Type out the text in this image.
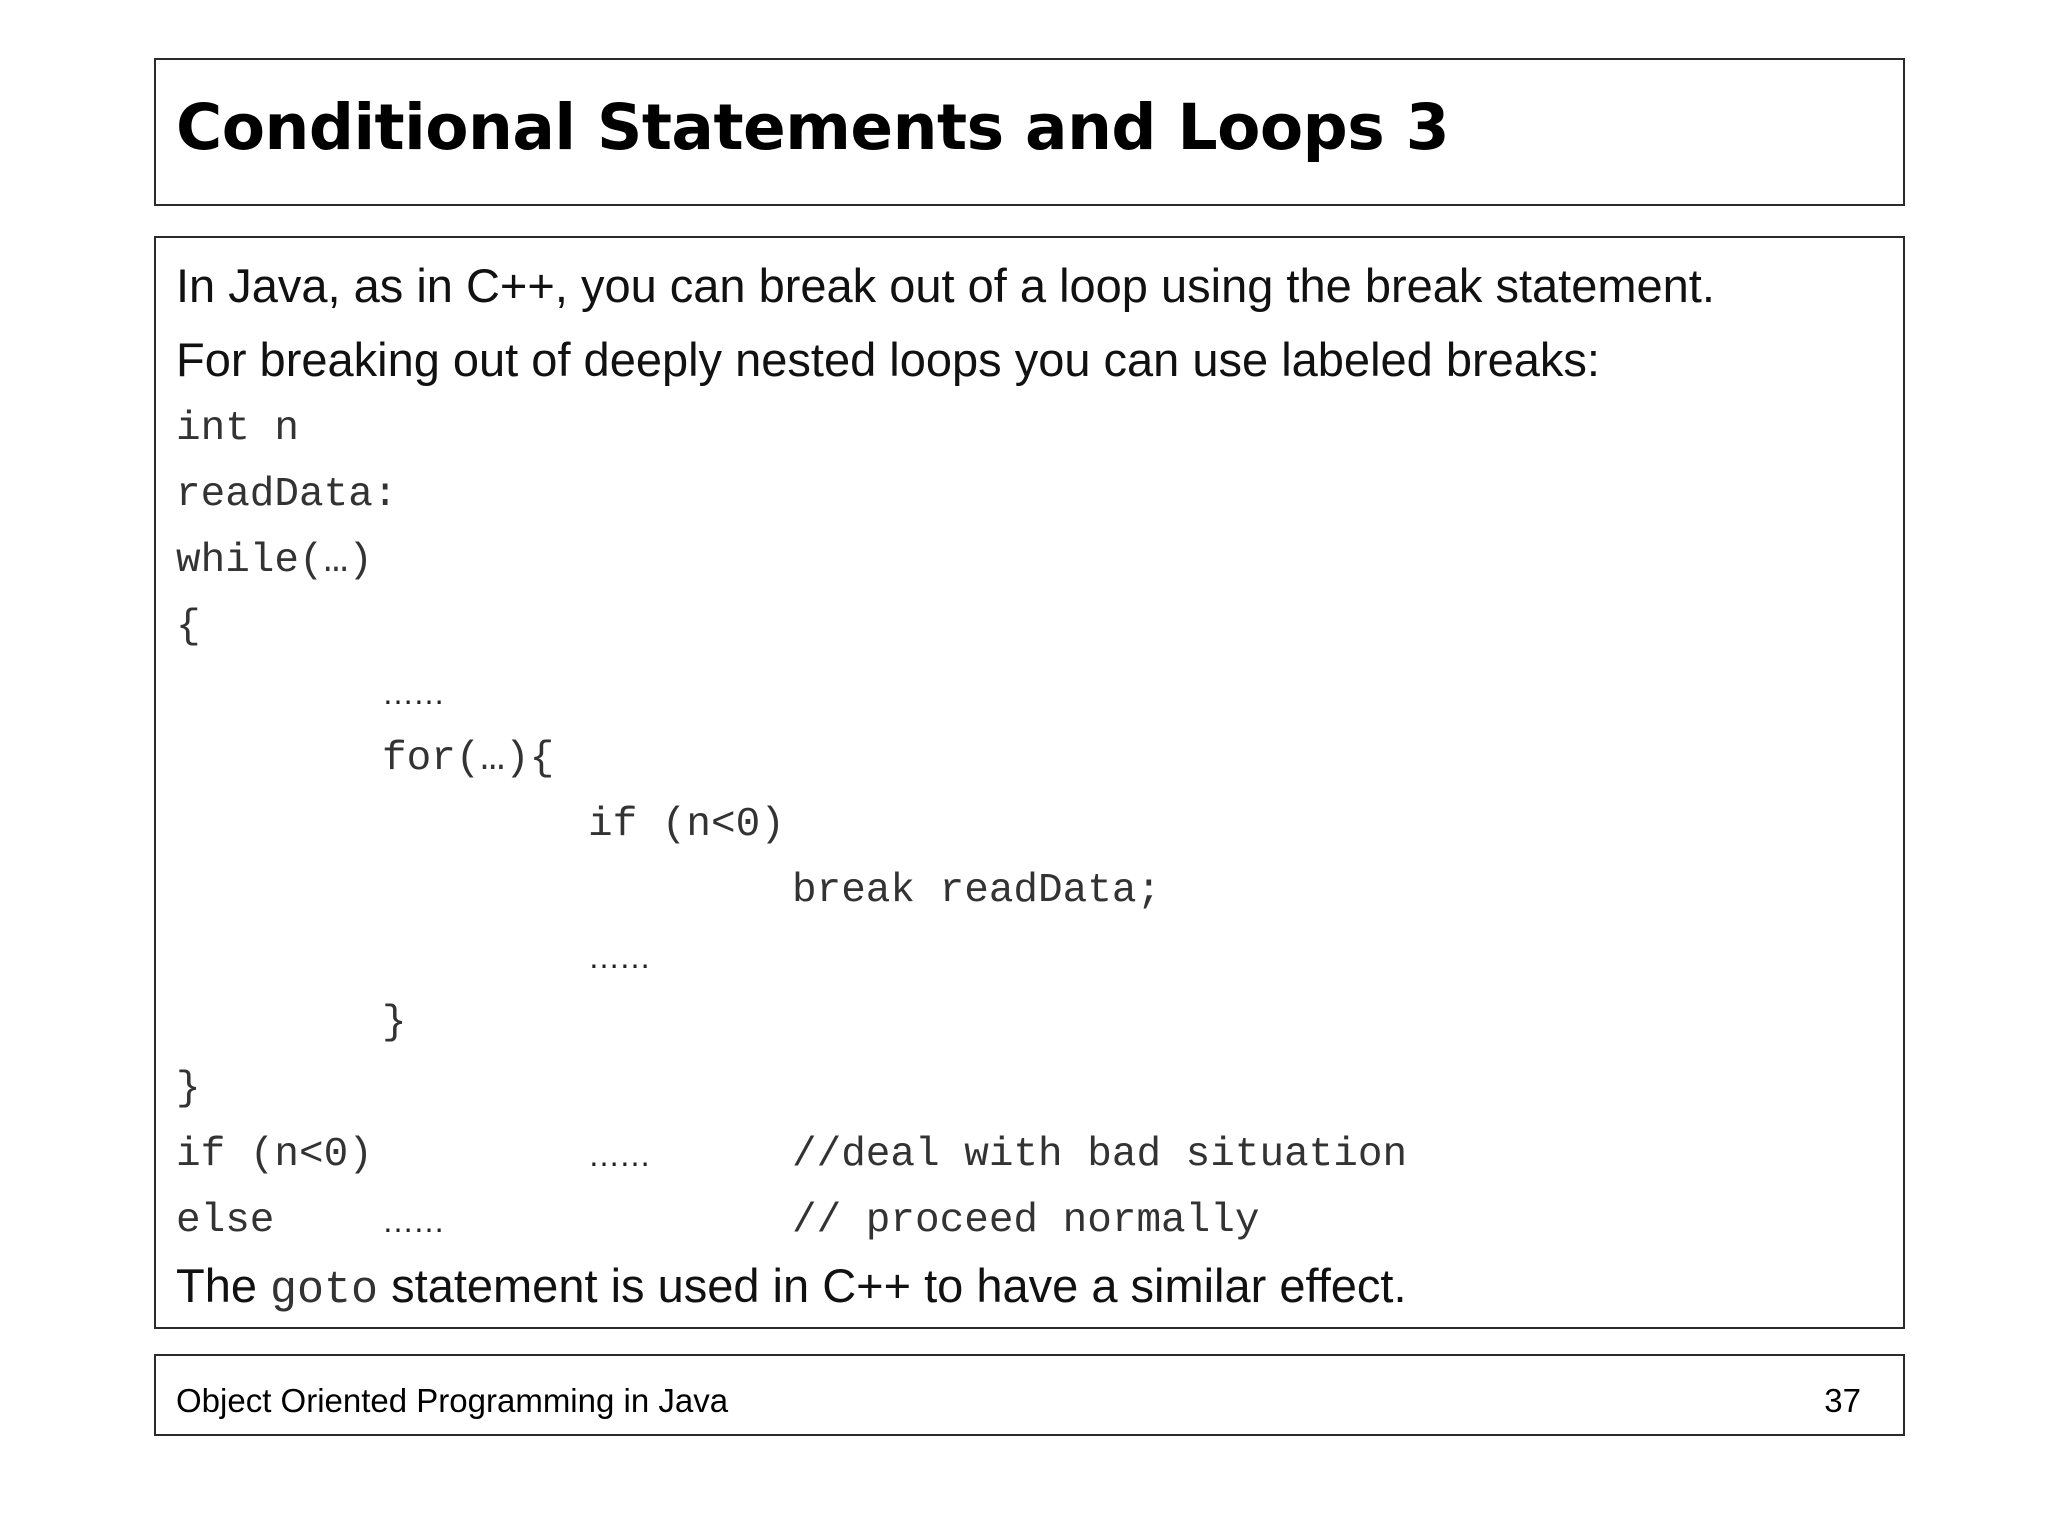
Conditional Statements and Loops 3
In Java, as in C++, you can break out of a loop using the break statement.
For breaking out of deeply nested loops you can use labeled breaks:
int n
readData:
while(…)
{
……
for(…){
if (n<0)
break readData;
……
}
}
if (n<0)	……	//deal with bad situation
else	……	// proceed normally
The goto statement is used in C++ to have a similar effect.
Object Oriented Programming in Java	37
